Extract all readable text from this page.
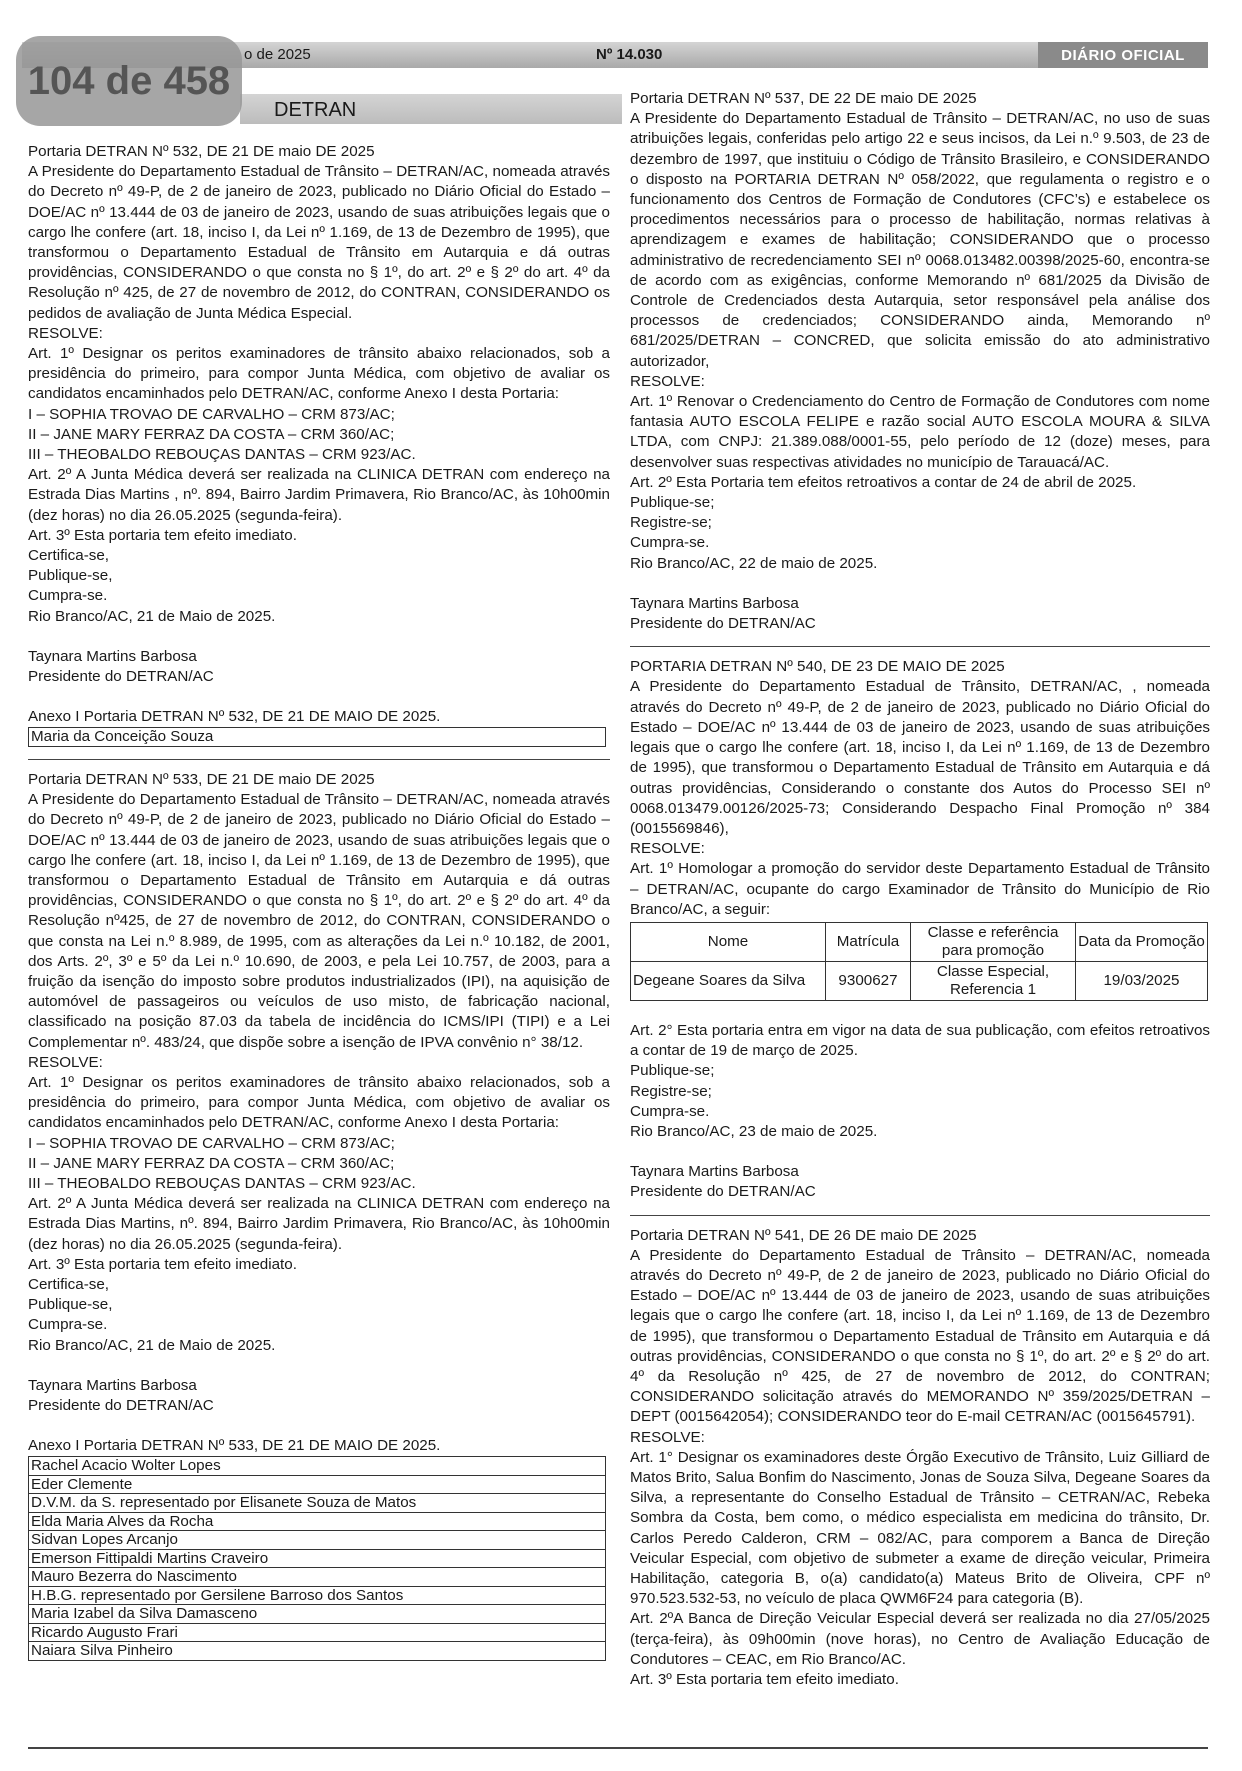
o de 2025	Nº 14.030	DIÁRIO OFICIAL
DETRAN
104 de 458

Portaria DETRAN Nº 532, DE 21 DE maio DE 2025

A Presidente do Departamento Estadual de Trânsito – DETRAN/AC, nomeada através do Decreto nº 49-P, de 2 de janeiro de 2023, publicado no Diário Oficial do Estado – DOE/AC nº 13.444 de 03 de janeiro de 2023, usando de suas atribuições legais que o cargo lhe confere (art. 18, inciso I, da Lei nº 1.169, de 13 de Dezembro de 1995), que transformou o Departamento Estadual de Trânsito em Autarquia e dá outras providências, CONSIDERANDO o que consta no § 1º, do art. 2º e § 2º do art. 4º da Resolução nº 425, de 27 de novembro de 2012, do CONTRAN, CONSIDERANDO os pedidos de avaliação de Junta Médica Especial.

RESOLVE:

Art. 1º Designar os peritos examinadores de trânsito abaixo relacionados, sob a presidência do primeiro, para compor Junta Médica, com objetivo de avaliar os candidatos encaminhados pelo DETRAN/AC, conforme Anexo I desta Portaria:

I – SOPHIA TROVAO DE CARVALHO – CRM 873/AC;

II – JANE MARY FERRAZ DA COSTA – CRM 360/AC;

III – THEOBALDO REBOUÇAS DANTAS – CRM 923/AC.

Art. 2º A Junta Médica deverá ser realizada na CLINICA DETRAN com endereço na Estrada Dias Martins , nº. 894, Bairro Jardim Primavera, Rio Branco/AC, às 10h00min (dez horas) no dia 26.05.2025 (segunda-feira).

Art. 3º Esta portaria tem efeito imediato.

Certifica-se,

Publique-se,

Cumpra-se.

Rio Branco/AC, 21 de Maio de 2025.

Taynara Martins Barbosa

Presidente do DETRAN/AC

Anexo I Portaria DETRAN Nº 532, DE 21 DE MAIO DE 2025.

Maria da Conceição Souza

Portaria DETRAN Nº 533, DE 21 DE maio DE 2025

A Presidente do Departamento Estadual de Trânsito – DETRAN/AC, nomeada através do Decreto nº 49-P, de 2 de janeiro de 2023, publicado no Diário Oficial do Estado – DOE/AC nº 13.444 de 03 de janeiro de 2023, usando de suas atribuições legais que o cargo lhe confere (art. 18, inciso I, da Lei nº 1.169, de 13 de Dezembro de 1995), que transformou o Departamento Estadual de Trânsito em Autarquia e dá outras providências, CONSIDERANDO o que consta no § 1º, do art. 2º e § 2º do art. 4º da Resolução nº425, de 27 de novembro de 2012, do CONTRAN, CONSIDERANDO o que consta na Lei n.º 8.989, de 1995, com as alterações da Lei n.º 10.182, de 2001, dos Arts. 2º, 3º e 5º da Lei n.º 10.690, de 2003, e pela Lei 10.757, de 2003, para a fruição da isenção do imposto sobre produtos industrializados (IPI), na aquisição de automóvel de passageiros ou veículos de uso misto, de fabricação nacional, classificado na posição 87.03 da tabela de incidência do ICMS/IPI (TIPI) e a Lei Complementar nº. 483/24, que dispõe sobre a isenção de IPVA convênio n° 38/12.

RESOLVE:

Art. 1º Designar os peritos examinadores de trânsito abaixo relacionados, sob a presidência do primeiro, para compor Junta Médica, com objetivo de avaliar os candidatos encaminhados pelo DETRAN/AC, conforme Anexo I desta Portaria:

I – SOPHIA TROVAO DE CARVALHO – CRM 873/AC;

II – JANE MARY FERRAZ DA COSTA – CRM 360/AC;

III – THEOBALDO REBOUÇAS DANTAS – CRM 923/AC.

Art. 2º A Junta Médica deverá ser realizada na CLINICA DETRAN com endereço na Estrada Dias Martins, nº. 894, Bairro Jardim Primavera, Rio Branco/AC, às 10h00min (dez horas) no dia 26.05.2025 (segunda-feira).

Art. 3º Esta portaria tem efeito imediato.

Certifica-se,

Publique-se,

Cumpra-se.

Rio Branco/AC, 21 de Maio de 2025.

Taynara Martins Barbosa

Presidente do DETRAN/AC

Anexo I Portaria DETRAN Nº 533, DE 21 DE MAIO DE 2025.

Rachel Acacio Wolter Lopes
Eder Clemente
D.V.M. da S. representado por Elisanete Souza de Matos
Elda Maria Alves da Rocha
Sidvan Lopes Arcanjo
Emerson Fittipaldi Martins Craveiro
Mauro Bezerra do Nascimento
H.B.G. representado por Gersilene Barroso dos Santos
Maria Izabel da Silva Damasceno
Ricardo Augusto Frari
Naiara Silva Pinheiro

Portaria DETRAN Nº 537, DE 22 DE maio DE 2025

A Presidente do Departamento Estadual de Trânsito – DETRAN/AC, no uso de suas atribuições legais, conferidas pelo artigo 22 e seus incisos, da Lei n.º 9.503, de 23 de dezembro de 1997, que instituiu o Código de Trânsito Brasileiro, e CONSIDERANDO o disposto na PORTARIA DETRAN Nº 058/2022, que regulamenta o registro e o funcionamento dos Centros de Formação de Condutores (CFC’s) e estabelece os procedimentos necessários para o processo de habilitação, normas relativas à aprendizagem e exames de habilitação; CONSIDERANDO que o processo administrativo de recredenciamento SEI nº 0068.013482.00398/2025-60, encontra-se de acordo com as exigências, conforme Memorando nº 681/2025 da Divisão de Controle de Credenciados desta Autarquia, setor responsável pela análise dos processos de credenciados; CONSIDERANDO ainda, Memorando nº 681/2025/DETRAN – CONCRED, que solicita emissão do ato administrativo autorizador,

RESOLVE:

Art. 1º Renovar o Credenciamento do Centro de Formação de Condutores com nome fantasia AUTO ESCOLA FELIPE e razão social AUTO ESCOLA MOURA & SILVA LTDA, com CNPJ: 21.389.088/0001-55, pelo período de 12 (doze) meses, para desenvolver suas respectivas atividades no município de Tarauacá/AC.

Art. 2º Esta Portaria tem efeitos retroativos a contar de 24 de abril de 2025.

Publique-se;

Registre-se;

Cumpra-se.

Rio Branco/AC, 22 de maio de 2025.

Taynara Martins Barbosa

Presidente do DETRAN/AC

PORTARIA DETRAN Nº 540, DE 23 DE MAIO DE 2025

A Presidente do Departamento Estadual de Trânsito, DETRAN/AC, , nomeada através do Decreto nº 49-P, de 2 de janeiro de 2023, publicado no Diário Oficial do Estado – DOE/AC nº 13.444 de 03 de janeiro de 2023, usando de suas atribuições legais que o cargo lhe confere (art. 18, inciso I, da Lei nº 1.169, de 13 de Dezembro de 1995), que transformou o Departamento Estadual de Trânsito em Autarquia e dá outras providências, Considerando o constante dos Autos do Processo SEI nº 0068.013479.00126/2025-73; Considerando Despacho Final Promoção nº 384 (0015569846),

RESOLVE:

Art. 1º Homologar a promoção do servidor deste Departamento Estadual de Trânsito – DETRAN/AC, ocupante do cargo Examinador de Trânsito do Município de Rio Branco/AC, a seguir:

Nome	Matrícula	Classe e referência para promoção	Data da Promoção
Degeane Soares da Silva	9300627	Classe Especial, Referencia 1	19/03/2025

Art. 2° Esta portaria entra em vigor na data de sua publicação, com efeitos retroativos a contar de 19 de março de 2025.

Publique-se;

Registre-se;

Cumpra-se.

Rio Branco/AC, 23 de maio de 2025.

Taynara Martins Barbosa

Presidente do DETRAN/AC

Portaria DETRAN Nº 541, DE 26 DE maio DE 2025

A Presidente do Departamento Estadual de Trânsito – DETRAN/AC, nomeada através do Decreto nº 49-P, de 2 de janeiro de 2023, publicado no Diário Oficial do Estado – DOE/AC nº 13.444 de 03 de janeiro de 2023, usando de suas atribuições legais que o cargo lhe confere (art. 18, inciso I, da Lei nº 1.169, de 13 de Dezembro de 1995), que transformou o Departamento Estadual de Trânsito em Autarquia e dá outras providências, CONSIDERANDO o que consta no § 1º, do art. 2º e § 2º do art. 4º da Resolução nº 425, de 27 de novembro de 2012, do CONTRAN; CONSIDERANDO solicitação através do MEMORANDO Nº 359/2025/DETRAN – DEPT (0015642054); CONSIDERANDO teor do E-mail CETRAN/AC (0015645791).

RESOLVE:

Art. 1° Designar os examinadores deste Órgão Executivo de Trânsito, Luiz Gilliard de Matos Brito, Salua Bonfim do Nascimento, Jonas de Souza Silva, Degeane Soares da Silva, a representante do Conselho Estadual de Trânsito – CETRAN/AC, Rebeka Sombra da Costa, bem como, o médico especialista em medicina do trânsito, Dr. Carlos Peredo Calderon, CRM – 082/AC, para comporem a Banca de Direção Veicular Especial, com objetivo de submeter a exame de direção veicular, Primeira Habilitação, categoria B, o(a) candidato(a) Mateus Brito de Oliveira, CPF nº 970.523.532-53, no veículo de placa QWM6F24 para categoria (B).

Art. 2ºA Banca de Direção Veicular Especial deverá ser realizada no dia 27/05/2025 (terça-feira), às 09h00min (nove horas), no Centro de Avaliação Educação de Condutores – CEAC, em Rio Branco/AC.

Art. 3º Esta portaria tem efeito imediato.
